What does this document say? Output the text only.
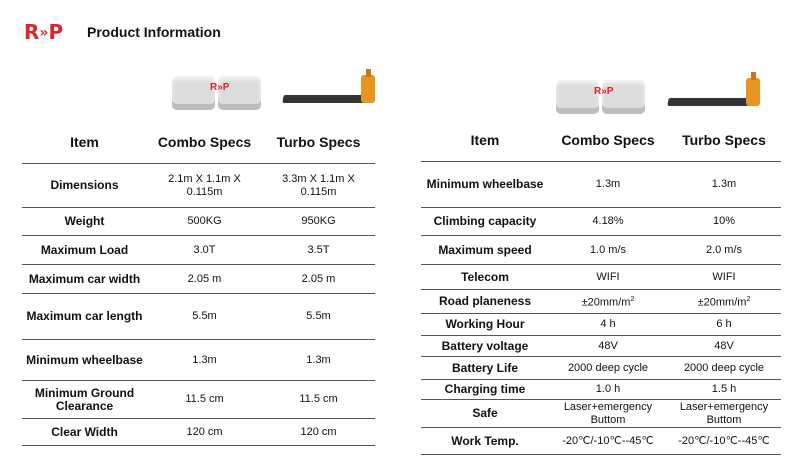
R»P Product Information
R»P	R»P
Item	Combo Specs	Turbo Specs
Dimensions	2.1m X 1.1m X 0.115m	3.3m X 1.1m X 0.115m
Weight	500KG	950KG
Maximum Load	3.0T	3.5T
Maximum car width	2.05 m	2.05 m
Maximum car length	5.5m	5.5m
Minimum wheelbase	1.3m	1.3m
Minimum Ground Clearance	11.5 cm	11.5 cm
Clear Width	120 cm	120 cm
Item	Combo Specs	Turbo Specs
Minimum wheelbase	1.3m	1.3m
Climbing capacity	4.18%	10%
Maximum speed	1.0 m/s	2.0 m/s
Telecom	WIFI	WIFI
Road planeness	$\pm 20mm/m^2$	$\pm 20mm/m^2$
Working Hour	4 h	6 h
Battery voltage	48V	48V
Battery Life	2000 deep cycle	2000 deep cycle
Charging time	1.0 h	1.5 h
Safe	Laser+emergency Buttom	Laser+emergency Buttom
Work Temp.	-20℃/-10℃--45℃	-20℃/-10℃--45℃
